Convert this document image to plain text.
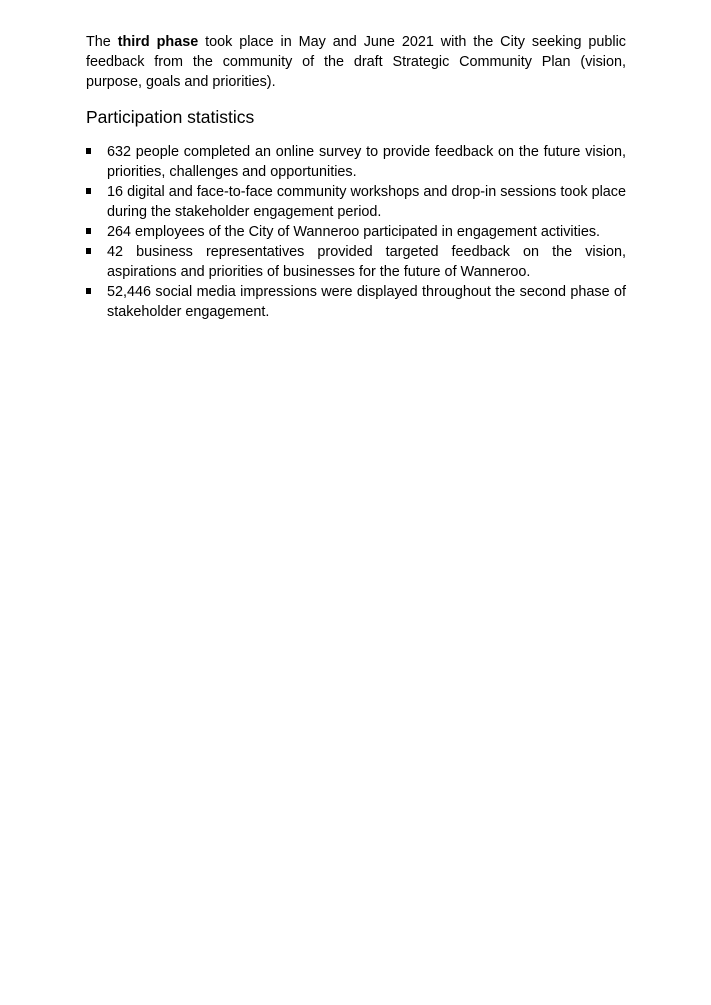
The third phase took place in May and June 2021 with the City seeking public feedback from the community of the draft Strategic Community Plan (vision, purpose, goals and priorities).

Participation statistics
632 people completed an online survey to provide feedback on the future vision, priorities, challenges and opportunities.
16 digital and face-to-face community workshops and drop-in sessions took place during the stakeholder engagement period.
264 employees of the City of Wanneroo participated in engagement activities.
42 business representatives provided targeted feedback on the vision, aspirations and priorities of businesses for the future of Wanneroo.
52,446 social media impressions were displayed throughout the second phase of stakeholder engagement.
